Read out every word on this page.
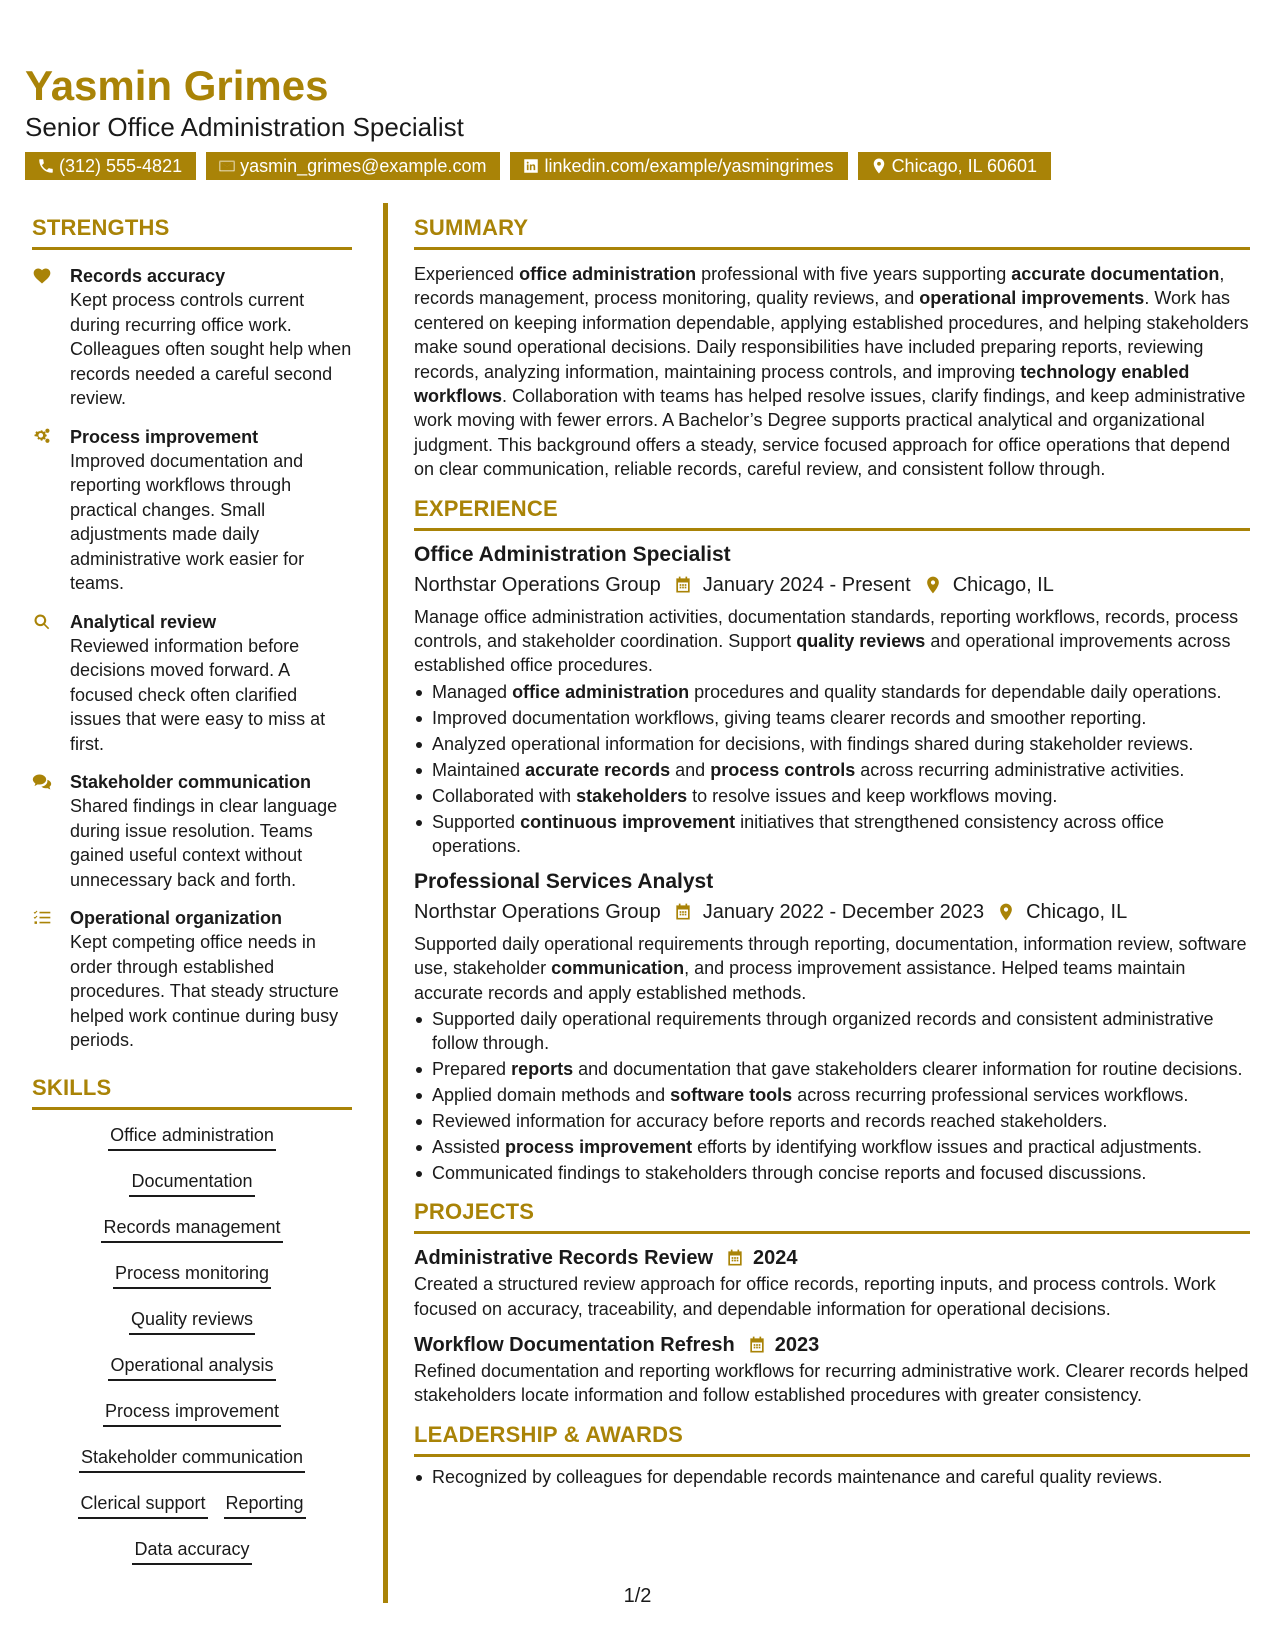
Yasmin Grimes
Senior Office Administration Specialist
(312) 555-4821	yasmin_grimes@example.com	linkedin.com/example/yasmingrimes	Chicago, IL 60601
STRENGTHS
Records accuracy
Kept process controls current during recurring office work. Colleagues often sought help when records needed a careful second review.
Process improvement
Improved documentation and reporting workflows through practical changes. Small adjustments made daily administrative work easier for teams.
Analytical review
Reviewed information before decisions moved forward. A focused check often clarified issues that were easy to miss at first.
Stakeholder communication
Shared findings in clear language during issue resolution. Teams gained useful context without unnecessary back and forth.
Operational organization
Kept competing office needs in order through established procedures. That steady structure helped work continue during busy periods.
SKILLS
Office administration
Documentation
Records management
Process monitoring
Quality reviews
Operational analysis
Process improvement
Stakeholder communication
Clerical support Reporting
Data accuracy
SUMMARY
Experienced office administration professional with five years supporting accurate documentation, records management, process monitoring, quality reviews, and operational improvements. Work has centered on keeping information dependable, applying established procedures, and helping stakeholders make sound operational decisions. Daily responsibilities have included preparing reports, reviewing records, analyzing information, maintaining process controls, and improving technology enabled workflows. Collaboration with teams has helped resolve issues, clarify findings, and keep administrative work moving with fewer errors. A Bachelor’s Degree supports practical analytical and organizational judgment. This background offers a steady, service focused approach for office operations that depend on clear communication, reliable records, careful review, and consistent follow through.
EXPERIENCE
Office Administration Specialist
Northstar Operations Group January 2024 - Present Chicago, IL
Manage office administration activities, documentation standards, reporting workflows, records, process controls, and stakeholder coordination. Support quality reviews and operational improvements across established office procedures.
Managed office administration procedures and quality standards for dependable daily operations.
Improved documentation workflows, giving teams clearer records and smoother reporting.
Analyzed operational information for decisions, with findings shared during stakeholder reviews.
Maintained accurate records and process controls across recurring administrative activities.
Collaborated with stakeholders to resolve issues and keep workflows moving.
Supported continuous improvement initiatives that strengthened consistency across office operations.
Professional Services Analyst
Northstar Operations Group January 2022 - December 2023 Chicago, IL
Supported daily operational requirements through reporting, documentation, information review, software use, stakeholder communication, and process improvement assistance. Helped teams maintain accurate records and apply established methods.
Supported daily operational requirements through organized records and consistent administrative follow through.
Prepared reports and documentation that gave stakeholders clearer information for routine decisions.
Applied domain methods and software tools across recurring professional services workflows.
Reviewed information for accuracy before reports and records reached stakeholders.
Assisted process improvement efforts by identifying workflow issues and practical adjustments.
Communicated findings to stakeholders through concise reports and focused discussions.
PROJECTS
Administrative Records Review 2024
Created a structured review approach for office records, reporting inputs, and process controls. Work focused on accuracy, traceability, and dependable information for operational decisions.
Workflow Documentation Refresh 2023
Refined documentation and reporting workflows for recurring administrative work. Clearer records helped stakeholders locate information and follow established procedures with greater consistency.
LEADERSHIP & AWARDS
Recognized by colleagues for dependable records maintenance and careful quality reviews.
1/2
